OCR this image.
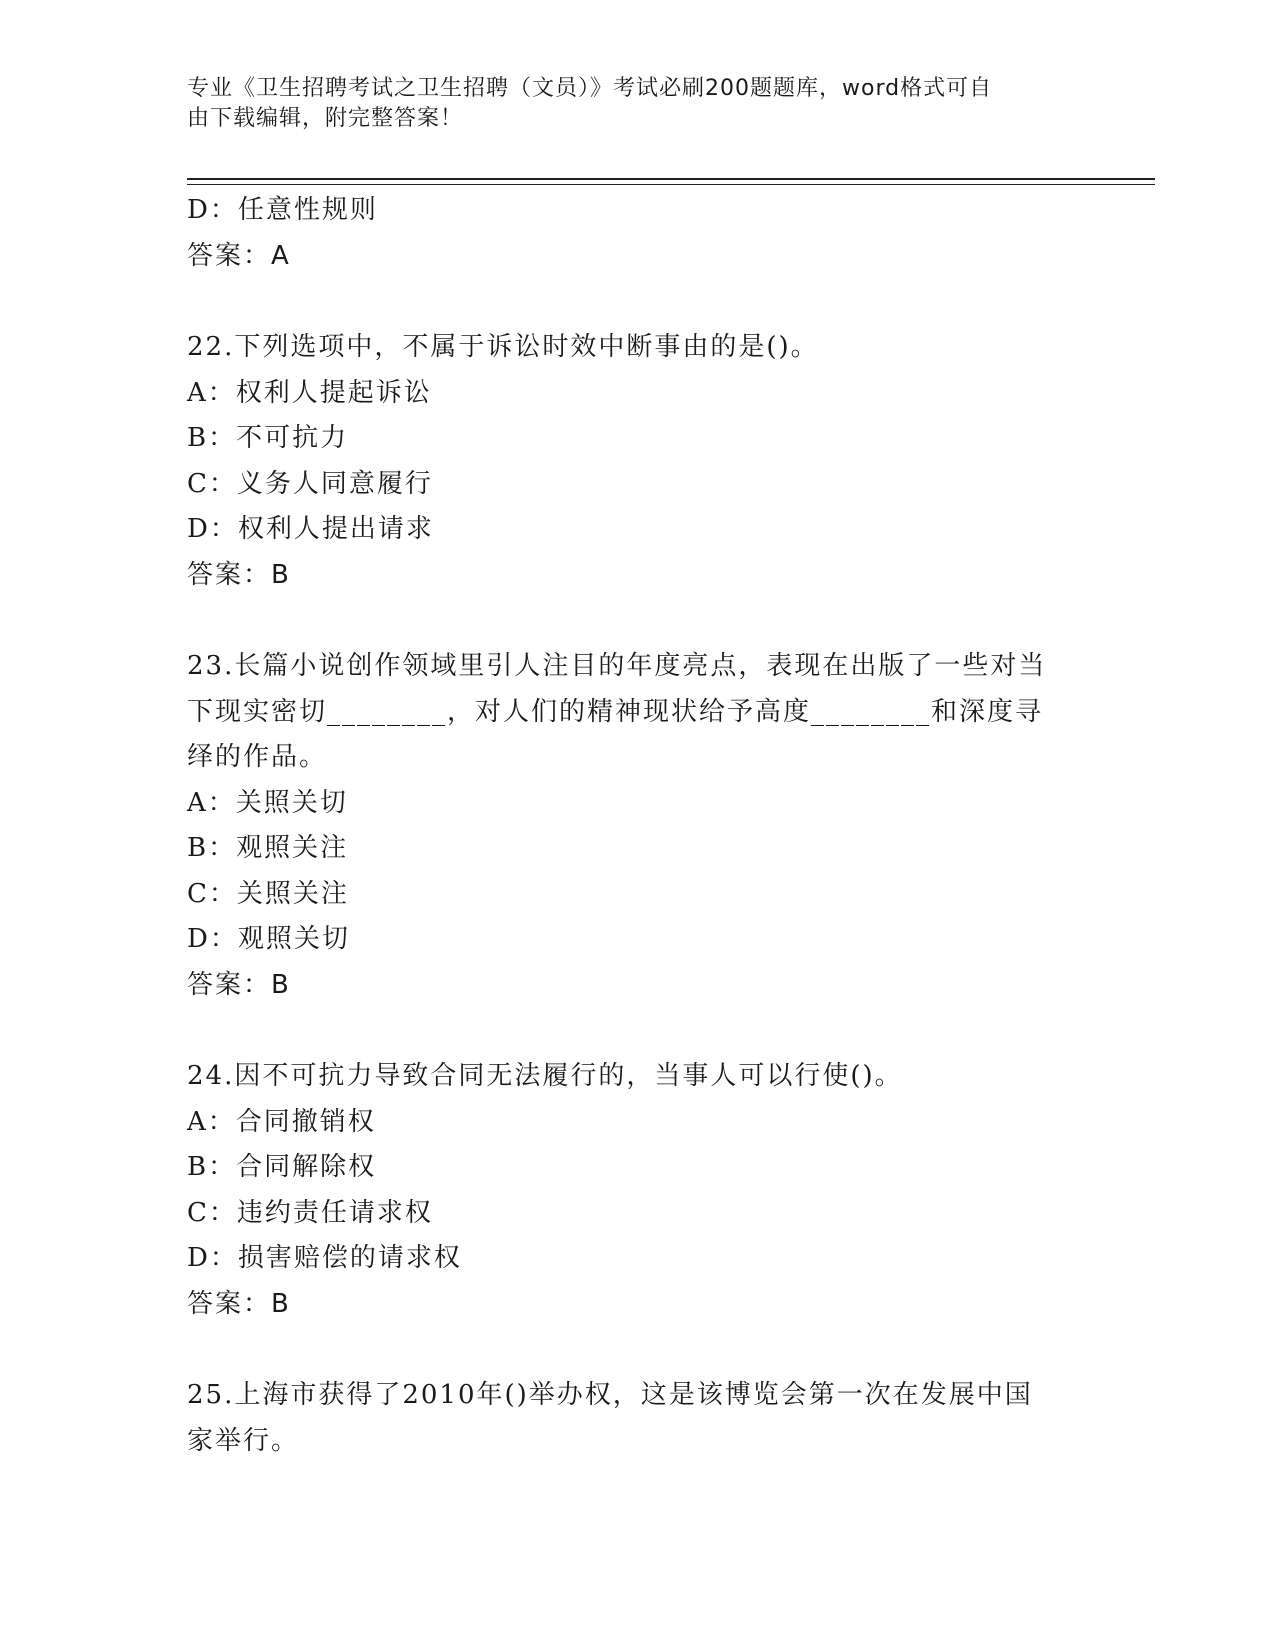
专业《卫生招聘考试之卫生招聘（文员）》考试必刷200题题库，word格式可自
由下载编辑，附完整答案！
D：任意性规则
答案：A
22.下列选项中，不属于诉讼时效中断事由的是()。
A：权利人提起诉讼
B：不可抗力
C：义务人同意履行
D：权利人提出请求
答案：B
23.长篇小说创作领域里引人注目的年度亮点，表现在出版了一些对当
下现实密切________，对人们的精神现状给予高度________和深度寻
绎的作品。
A：关照关切
B：观照关注
C：关照关注
D：观照关切
答案：B
24.因不可抗力导致合同无法履行的，当事人可以行使()。
A：合同撤销权
B：合同解除权
C：违约责任请求权
D：损害赔偿的请求权
答案：B
25.上海市获得了2010年()举办权，这是该博览会第一次在发展中国
家举行。
